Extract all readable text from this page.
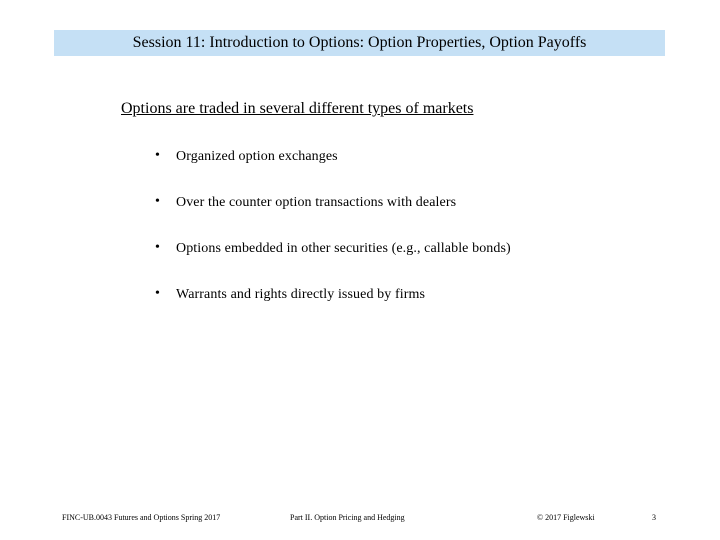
Session 11: Introduction to Options: Option Properties, Option Payoffs
Options are traded in several different types of markets
•	Organized option exchanges
•	Over the counter option transactions with dealers
•	Options embedded in other securities (e.g., callable bonds)
•	Warrants and rights directly issued by firms
FINC-UB.0043 Futures and Options Spring 2017	Part II. Option Pricing and Hedging	© 2017 Figlewski	3
